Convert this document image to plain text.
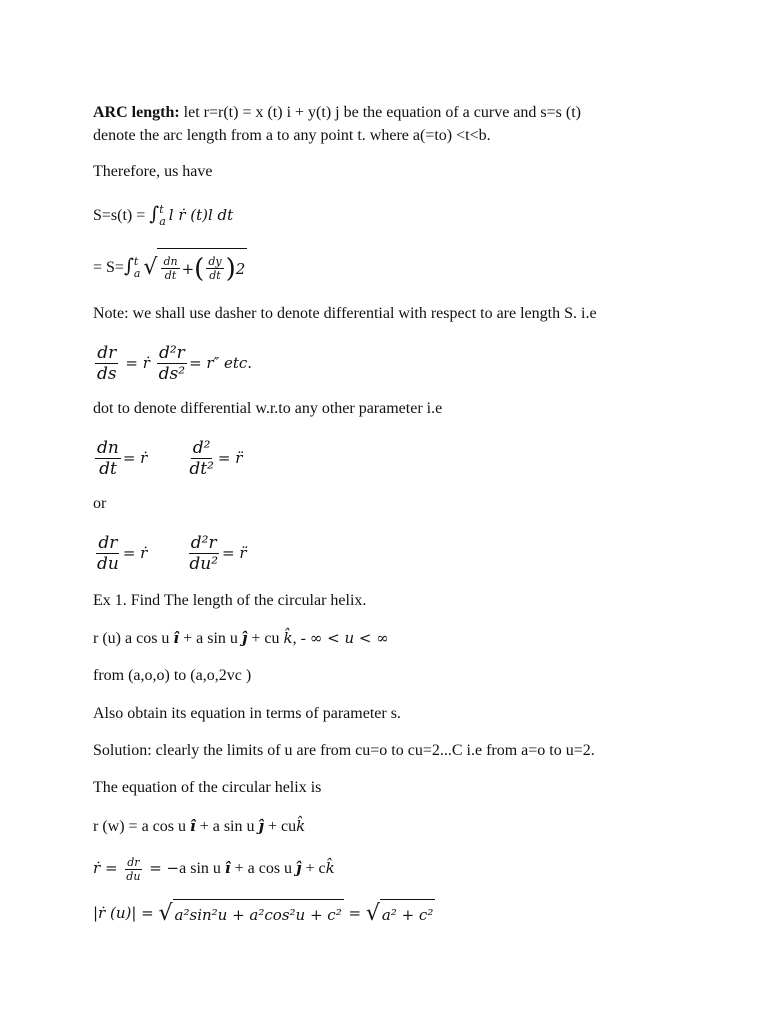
ARC length: let r=r(t) = x (t) i + y(t) j be the equation of a curve and s=s (t)
denote the arc length from a to any point t. where a(=to) <t<b.
Therefore, us have
S=s(t) = ∫ t
a l ṙ (t)l dt
= S=∫ t
a √ $\frac{dn}{dt}$ + ( $\frac{dy}{dt}$ ) 2
Note: we shall use dasher to denote differential with respect to are length S. i.e
$\frac{dr}{ds}$ = ṙ $\frac{\text{d²r}}{\text{ds²}} = r''$ etc.
dot to denote differential w.r.to any other parameter i.e
$\frac{dn}{dt}$ = ṙ $\frac{\text{d²}}{\text{dt²}}$ = r̈
or
$\frac{dr}{du}$ = ṙ $\frac{\text{d²r}}{\text{du²}}$ = r̈
Ex 1. Find The length of the circular helix.
r (u) a cos u î + a sin u ĵ + cu k̂, - ∞ < u < ∞
from (a,o,o) to (a,o,2vc )
Also obtain its equation in terms of parameter s.
Solution: clearly the limits of u are from cu=o to cu=2...C i.e from a=o to u=2.
The equation of the circular helix is
r (w) = a cos u î + a sin u ĵ + cuk̂
ṙ = $\frac{dr}{du} = -a$ sin u î + a cos u ĵ + ck̂
|ṙ (u)| = √ a²sin²u + a²cos²u + c² = √ a² + c²
